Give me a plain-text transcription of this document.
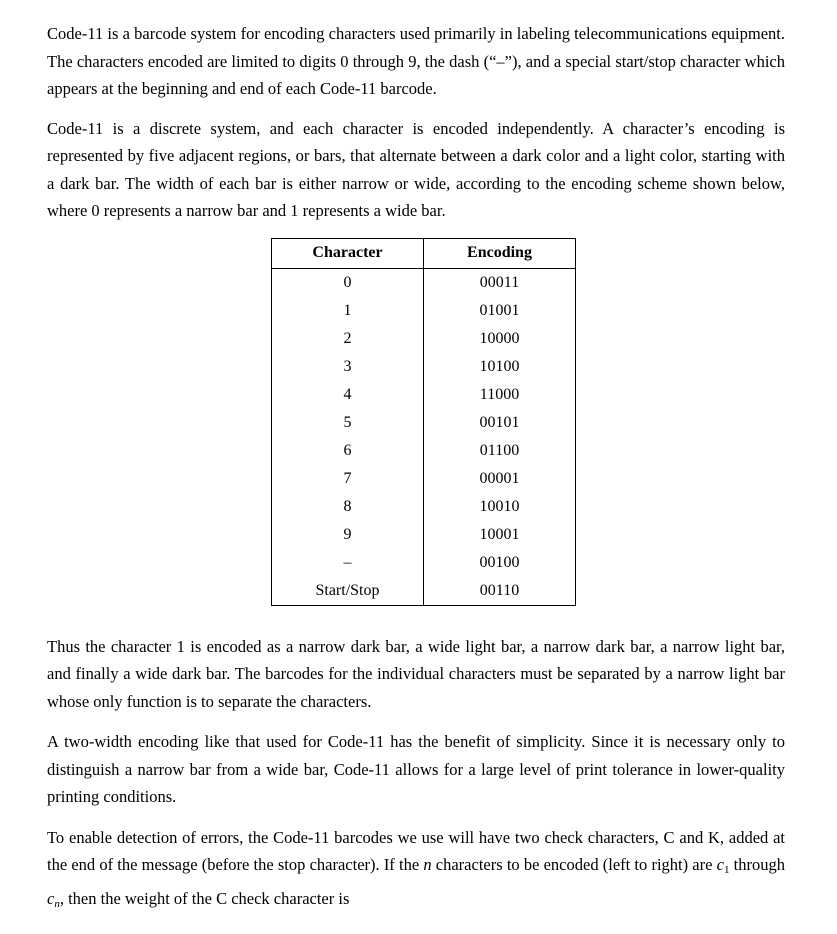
Code-11 is a barcode system for encoding characters used primarily in labeling telecommunications equipment. The characters encoded are limited to digits 0 through 9, the dash (“–”), and a special start/stop character which appears at the beginning and end of each Code-11 barcode.

Code-11 is a discrete system, and each character is encoded independently. A character’s encoding is represented by five adjacent regions, or bars, that alternate between a dark color and a light color, starting with a dark bar. The width of each bar is either narrow or wide, according to the encoding scheme shown below, where 0 represents a narrow bar and 1 represents a wide bar.

Character	Encoding
0	00011
1	01001
2	10000
3	10100
4	11000
5	00101
6	01100
7	00001
8	10010
9	10001
–	00100
Start/Stop	00110

Thus the character 1 is encoded as a narrow dark bar, a wide light bar, a narrow dark bar, a narrow light bar, and finally a wide dark bar. The barcodes for the individual characters must be separated by a narrow light bar whose only function is to separate the characters.

A two-width encoding like that used for Code-11 has the benefit of simplicity. Since it is necessary only to distinguish a narrow bar from a wide bar, Code-11 allows for a large level of print tolerance in lower-quality printing conditions.

To enable detection of errors, the Code-11 barcodes we use will have two check characters, C and K, added at the end of the message (before the stop character). If the n characters to be encoded (left to right) are $c_1$ through $c_n$, then the weight of the C check character is
